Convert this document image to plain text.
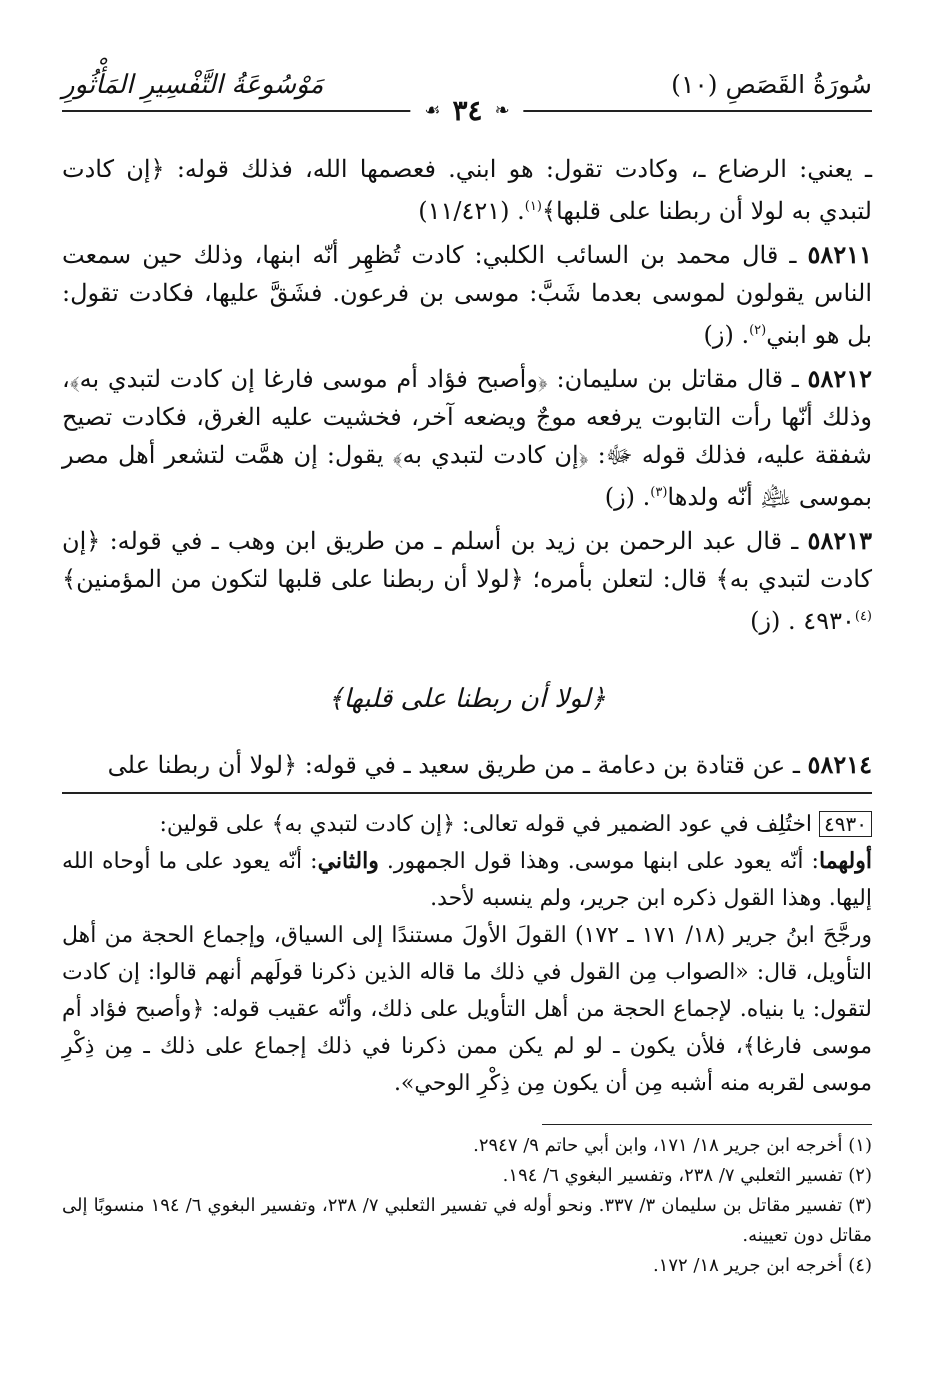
سُورَةُ القَصَصِ (١٠)
مَوْسُوعَةُ التَّفْسِيرِ المَأْثُورِ
❧
٣٤
☙

ـ يعني: الرضاع ـ، وكادت تقول: هو ابني. فعصمها الله، فذلك قوله: ﴿إن كادت لتبدي به لولا أن ربطنا على قلبها﴾$^{(١)}$. (١١/٤٢١)

٥٨٢١١ ـ قال محمد بن السائب الكلبي: كادت تُظهِر أنّه ابنها، وذلك حين سمعت الناس يقولون لموسى بعدما شَبَّ: موسى بن فرعون. فشَقَّ عليها، فكادت تقول: بل هو ابني$^{(٢)}$. (ز)

٥٨٢١٢ ـ قال مقاتل بن سليمان: ﴿وأصبح فؤاد أم موسى فارغا إن كادت لتبدي به﴾، وذلك أنّها رأت التابوت يرفعه موجٌ ويضعه آخر، فخشيت عليه الغرق، فكادت تصيح شفقة عليه، فذلك قوله ﷻ: ﴿إن كادت لتبدي به﴾ يقول: إن همَّت لتشعر أهل مصر بموسى ﵇ أنّه ولدها$^{(٣)}$. (ز)

٥٨٢١٣ ـ قال عبد الرحمن بن زيد بن أسلم ـ من طريق ابن وهب ـ في قوله: ﴿إن كادت لتبدي به﴾ قال: لتعلن بأمره؛ ﴿لولا أن ربطنا على قلبها لتكون من المؤمنين﴾$^{(٤)}$٤٩٣٠ . (ز)

﴿لولا أن ربطنا على قلبها﴾

٥٨٢١٤ ـ عن قتادة بن دعامة ـ من طريق سعيد ـ في قوله: ﴿لولا أن ربطنا على

٤٩٣٠ اختُلِف في عود الضمير في قوله تعالى: ﴿إن كادت لتبدي به﴾ على قولين:
أولهما: أنّه يعود على ابنها موسى. وهذا قول الجمهور. والثاني: أنّه يعود على ما أوحاه الله إليها. وهذا القول ذكره ابن جرير، ولم ينسبه لأحد.
ورجَّحَ ابنُ جرير (١٨/ ١٧١ ـ ١٧٢) القولَ الأولَ مستندًا إلى السياق، وإجماع الحجة من أهل التأويل، قال: «الصواب مِن القول في ذلك ما قاله الذين ذكرنا قولَهم أنهم قالوا: إن كادت لتقول: يا بنياه. لإجماع الحجة من أهل التأويل على ذلك، وأنّه عقيب قوله: ﴿وأصبح فؤاد أم موسى فارغا﴾، فلأن يكون ـ لو لم يكن ممن ذكرنا في ذلك إجماع على ذلك ـ مِن ذِكْرِ موسى لقربه منه أشبه مِن أن يكون مِن ذِكْرِ الوحي».
(١) أخرجه ابن جرير ١٨/ ١٧١، وابن أبي حاتم ٩/ ٢٩٤٧.
(٢) تفسير الثعلبي ٧/ ٢٣٨، وتفسير البغوي ٦/ ١٩٤.
(٣) تفسير مقاتل بن سليمان ٣/ ٣٣٧. ونحو أوله في تفسير الثعلبي ٧/ ٢٣٨، وتفسير البغوي ٦/ ١٩٤ منسوبًا إلى مقاتل دون تعيينه.
(٤) أخرجه ابن جرير ١٨/ ١٧٢.
